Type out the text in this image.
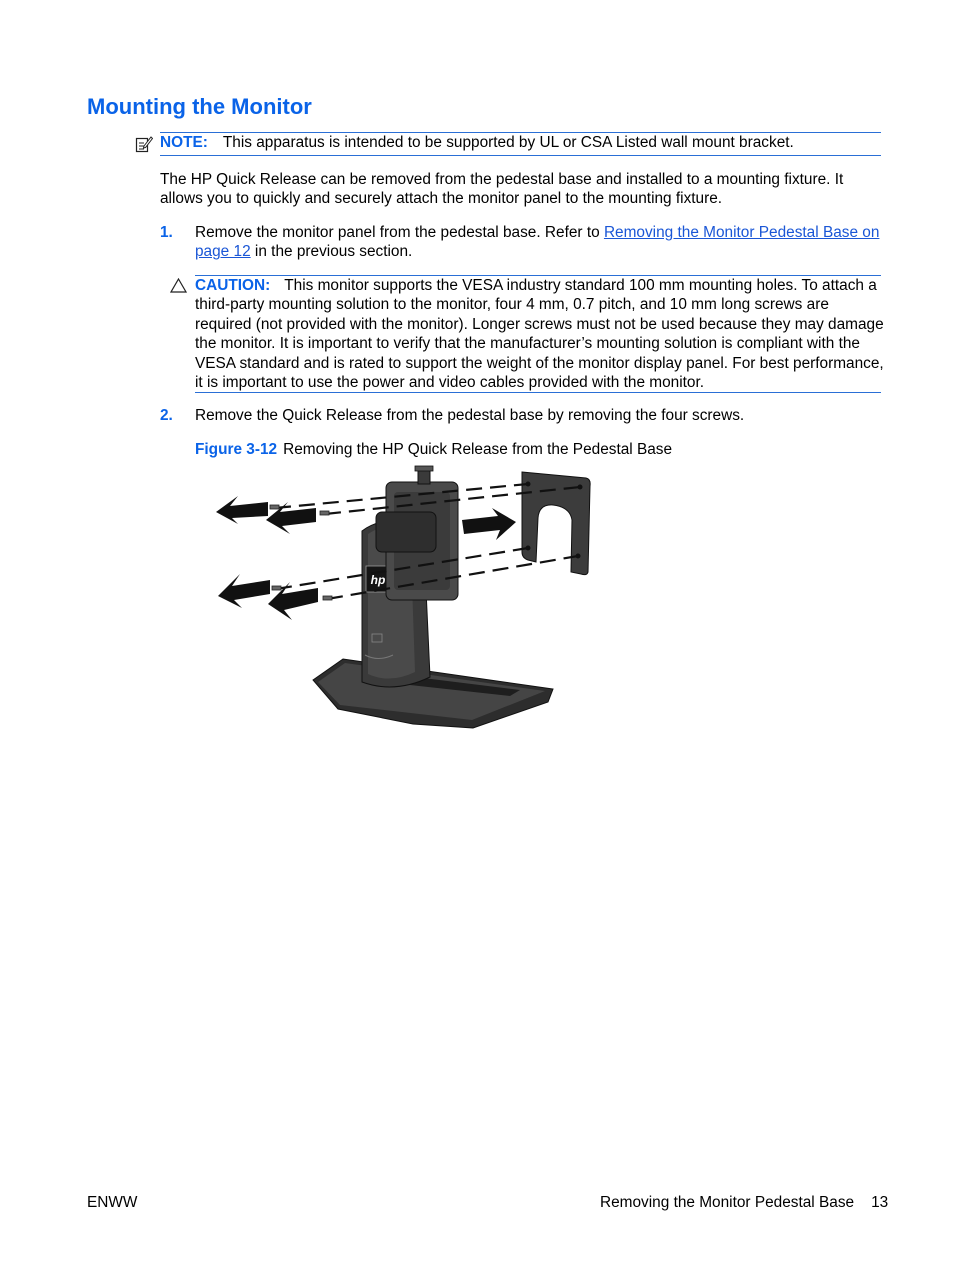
Mounting the Monitor
NOTE: This apparatus is intended to be supported by UL or CSA Listed wall mount bracket.
The HP Quick Release can be removed from the pedestal base and installed to a mounting fixture. It allows you to quickly and securely attach the monitor panel to the mounting fixture.
1. Remove the monitor panel from the pedestal base. Refer to Removing the Monitor Pedestal Base on page 12 in the previous section.
CAUTION: This monitor supports the VESA industry standard 100 mm mounting holes. To attach a third-party mounting solution to the monitor, four 4 mm, 0.7 pitch, and 10 mm long screws are required (not provided with the monitor). Longer screws must not be used because they may damage the monitor. It is important to verify that the manufacturer’s mounting solution is compliant with the VESA standard and is rated to support the weight of the monitor display panel. For best performance, it is important to use the power and video cables provided with the monitor.
2. Remove the Quick Release from the pedestal base by removing the four screws.
Figure 3-12 Removing the HP Quick Release from the Pedestal Base
hp
ENWW	Removing the Monitor Pedestal Base 13
